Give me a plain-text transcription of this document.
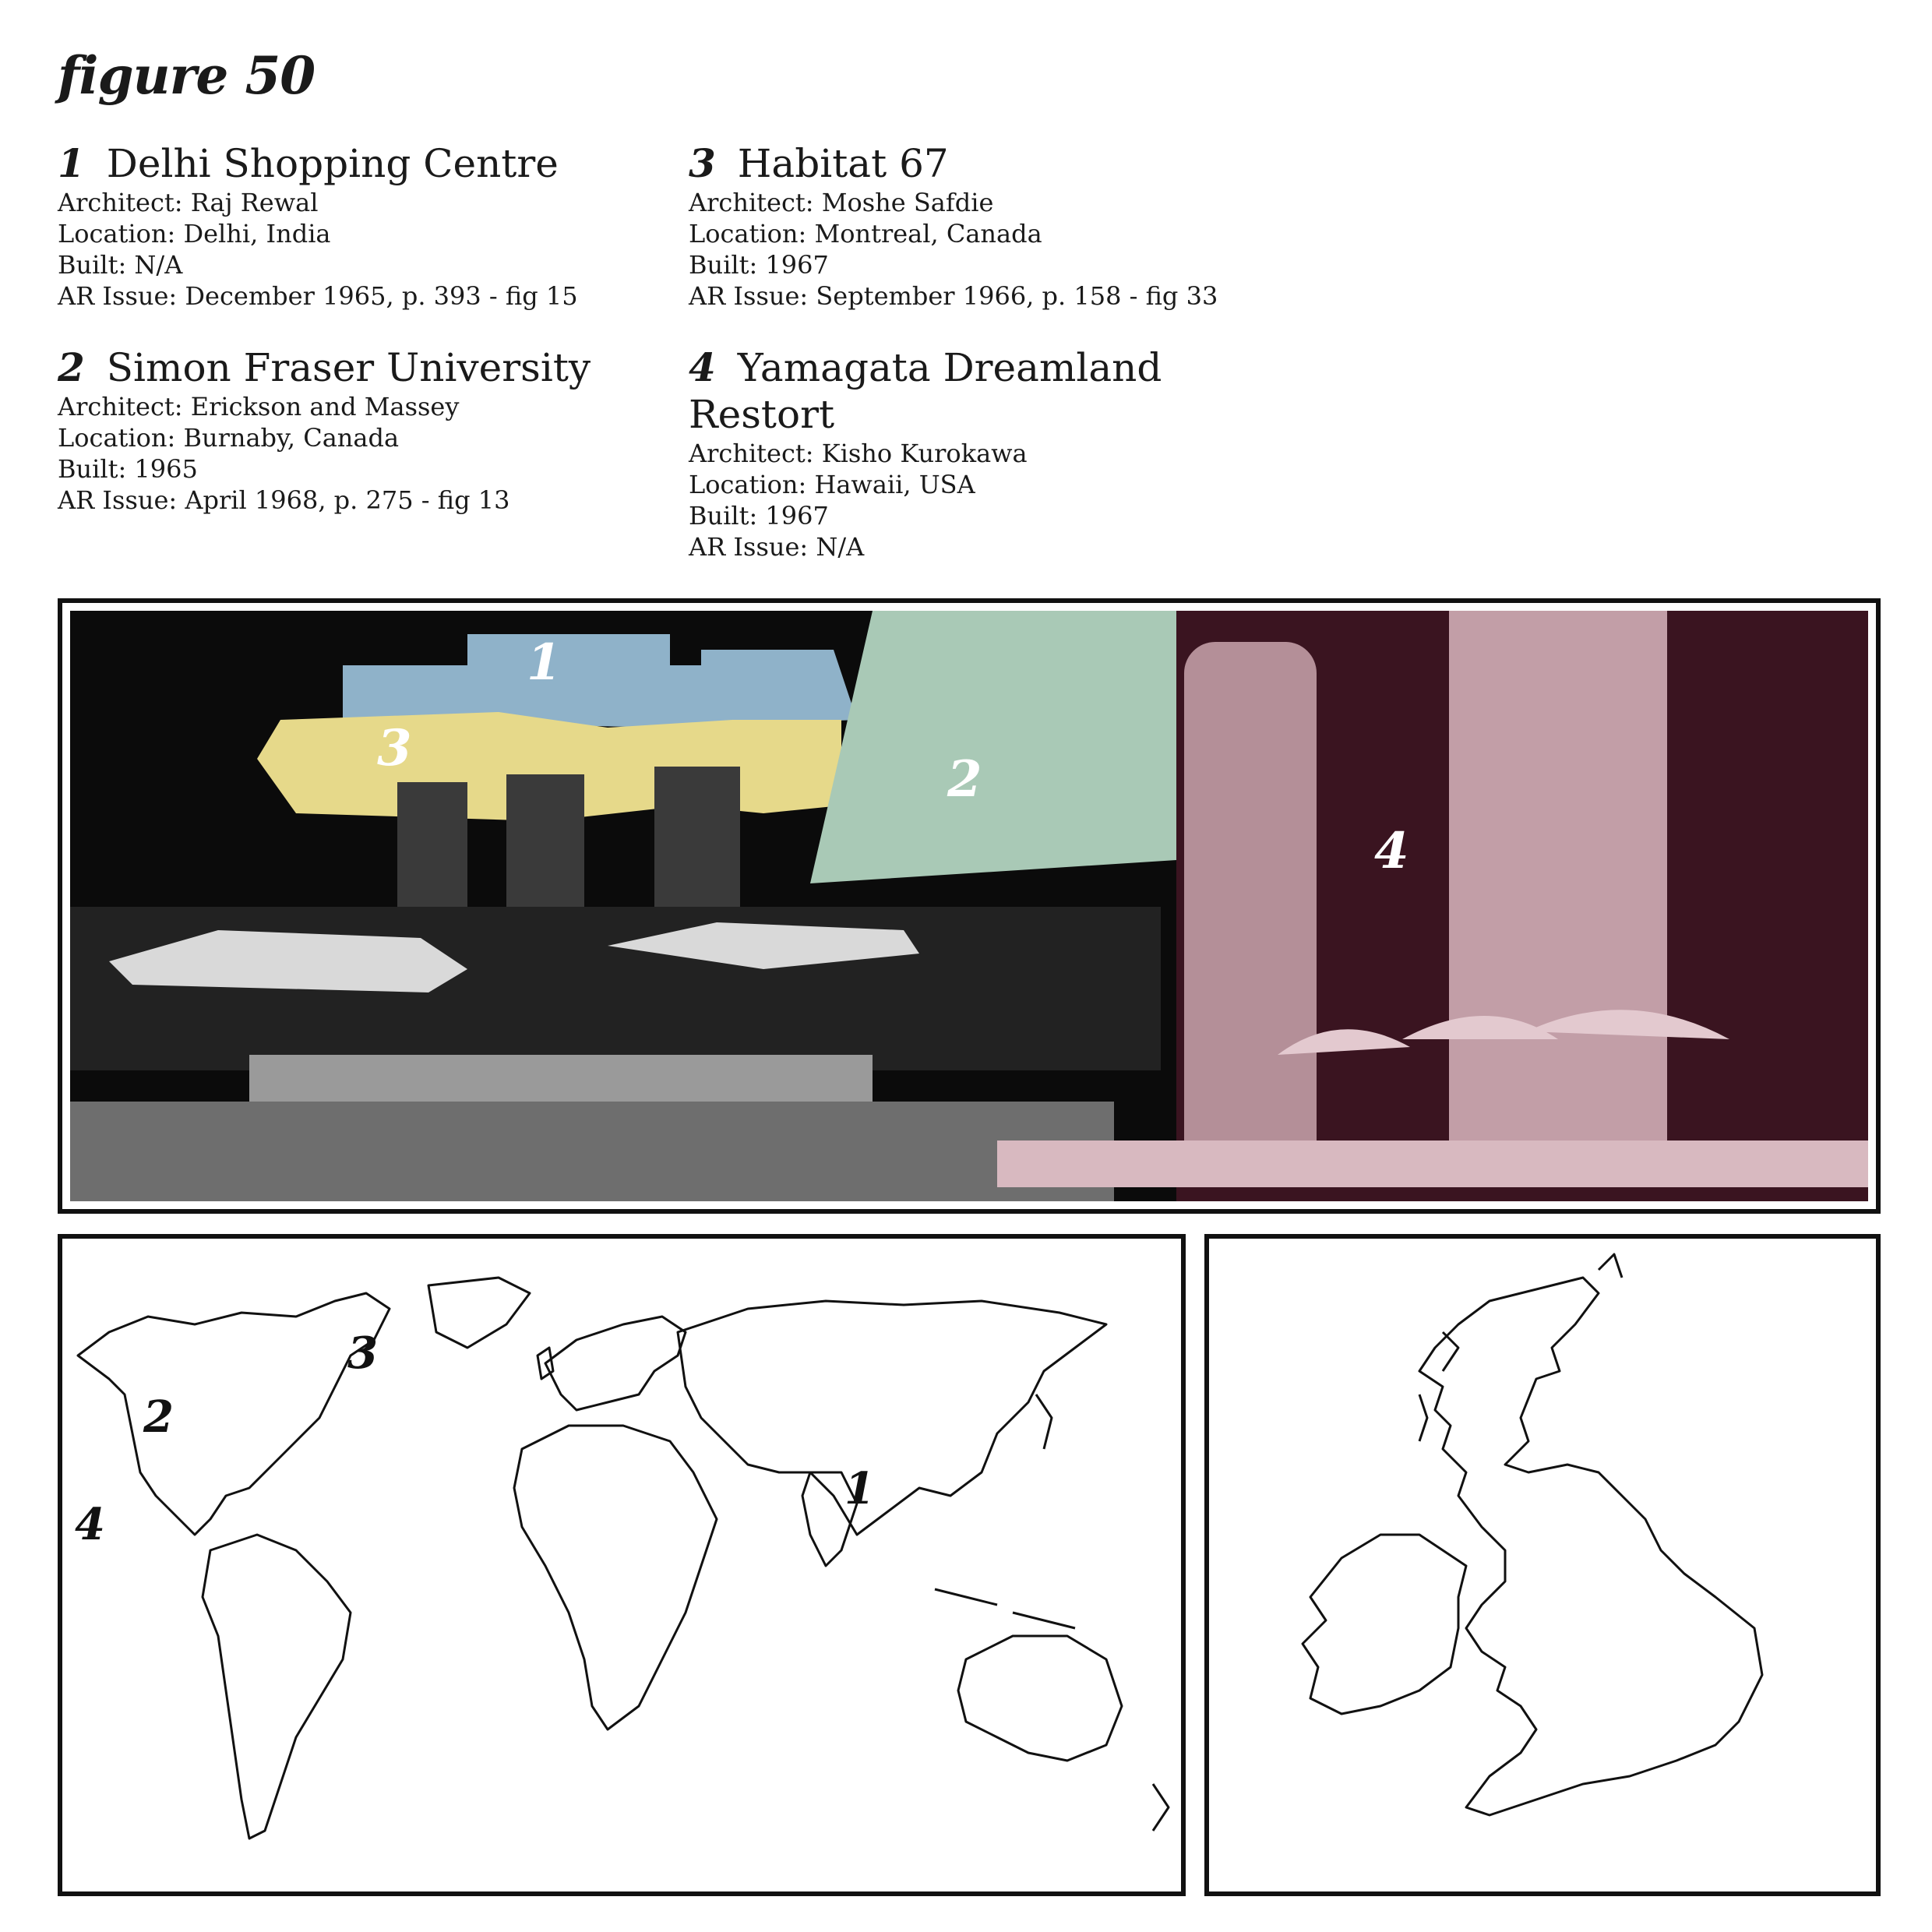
figure 50
1 Delhi Shopping Centre
Architect: Raj Rewal
Location: Delhi, India
Built: N/A
AR Issue: December 1965, p. 393 - fig 15
2 Simon Fraser University
Architect: Erickson and Massey
Location: Burnaby, Canada
Built: 1965
AR Issue: April 1968, p. 275 - fig 13
3 Habitat 67
Architect: Moshe Safdie
Location: Montreal, Canada
Built: 1967
AR Issue: September 1966, p. 158 - fig 33
4 Yamagata Dreamland
Restort
Architect: Kisho Kurokawa
Location: Hawaii, USA
Built: 1967
AR Issue: N/A
1
2
3
4
1
2
3
4
